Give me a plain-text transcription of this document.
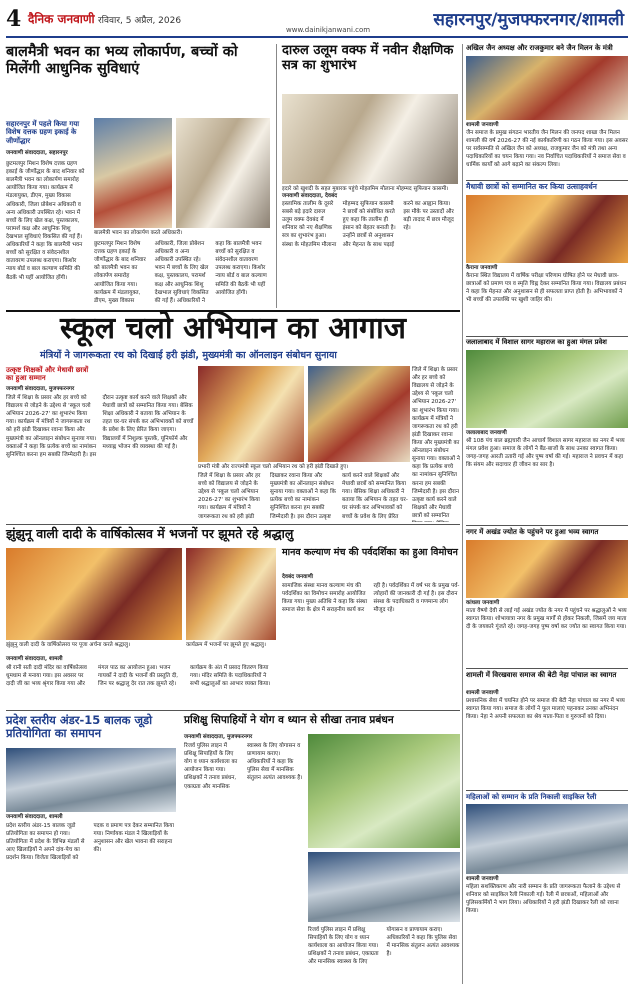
4 दैनिक जनवाणी रविवार, 5 अप्रैल, 2026
www.dainikjanwani.com	सहारनपुर/मुजफ्फरनगर/शामली
बालमैत्री भवन का भव्य लोकार्पण, बच्चों को मिलेंगी आधुनिक सुविधाएं
सहारनपुर में पहले किया गया विशेष दत्तक ग्रहण इकाई के जीर्णोद्धार
जनवाणी संवाददाता, सहारनपुर
छुटमलपुर मिशन विशेष दत्तक ग्रहण इकाई के जीर्णोद्धार के बाद शनिवार को बालमैत्री भवन का लोकार्पण समारोह आयोजित किया गया। कार्यक्रम में मंडलायुक्त, डीएम, मुख्य विकास अधिकारी, जिला प्रोबेशन अधिकारी व अन्य अधिकारी उपस्थित रहे। भवन में बच्चों के लिए खेल कक्ष, पुस्तकालय, परामर्श कक्ष और आधुनिक शिशु देखभाल सुविधाएं विकसित की गई हैं। अधिकारियों ने कहा कि बालमैत्री भवन बच्चों को सुरक्षित व संवेदनशील वातावरण उपलब्ध कराएगा। किशोर न्याय बोर्ड व बाल कल्याण समिति की बैठकें भी यहीं आयोजित होंगी।
बालमैत्री भवन का लोकार्पण करते अधिकारी।
छुटमलपुर मिशन विशेष दत्तक ग्रहण इकाई के जीर्णोद्धार के बाद शनिवार को बालमैत्री भवन का लोकार्पण समारोह आयोजित किया गया। कार्यक्रम में मंडलायुक्त, डीएम, मुख्य विकास अधिकारी, जिला प्रोबेशन अधिकारी व अन्य अधिकारी उपस्थित रहे। भवन में बच्चों के लिए खेल कक्ष, पुस्तकालय, परामर्श कक्ष और आधुनिक शिशु देखभाल सुविधाएं विकसित की गई हैं। अधिकारियों ने कहा कि बालमैत्री भवन बच्चों को सुरक्षित व संवेदनशील वातावरण उपलब्ध कराएगा। किशोर न्याय बोर्ड व बाल कल्याण समिति की बैठकें भी यहीं आयोजित होंगी।
दारुल उलूम वक्फ में नवीन शैक्षणिक सत्र का शुभारंभ
इदारे को खुशदी के सहत मुबारक पहुंचे मोहतमिम मौलाना मोहम्मद सुफियान कासमी।
जनवाणी संवाददाता, देवबंद
इस्लामिक तालीम के दूसरे सबसे बड़े इदारे दारुल उलूम वक्फ देवबंद में शनिवार को नए शैक्षणिक सत्र का शुभारंभ हुआ। संस्था के मोहतमिम मौलाना मोहम्मद सुफियान कासमी ने छात्रों को संबोधित करते हुए कहा कि तालीम ही इंसान को बेहतर बनाती है। उन्होंने छात्रों से अनुशासन और मेहनत के साथ पढ़ाई करने का आह्वान किया। इस मौके पर उस्तादों और बड़ी तादाद में छात्र मौजूद रहे।
अखिल जैन अध्यक्ष और राजकुमार बने जैन मिलन के मंत्री
शामली जनवाणी
जैन समाज के प्रमुख संगठन भारतीय जैन मिलन की जनपद शाखा जैन मिलन शामली की वर्ष 2026-27 की नई कार्यकारिणी का गठन किया गया। इस अवसर पर सर्वसम्मति से अखिल जैन को अध्यक्ष, राजकुमार जैन को मंत्री तथा अन्य पदाधिकारियों का चयन किया गया। नव निर्वाचित पदाधिकारियों ने समाज सेवा व धार्मिक कार्यों को आगे बढ़ाने का संकल्प लिया।
मैधावी छात्रों को सम्मानित कर किया उत्साहवर्धन
कैराना जनवाणी
कैराना स्थित विद्यालय में वार्षिक परीक्षा परिणाम घोषित होने पर मेधावी छात्र-छात्राओं को प्रमाण पत्र व स्मृति चिह्न देकर सम्मानित किया गया। विद्यालय प्रबंधन ने कहा कि मेहनत और अनुशासन से ही सफलता प्राप्त होती है। अभिभावकों ने भी बच्चों की उपलब्धि पर खुशी जाहिर की।
स्कूल चलो अभियान का आगाज
मंत्रियों ने जागरूकता रथ को दिखाई हरी झंडी, मुख्यमंत्री का ऑनलाइन संबोधन सुनाया
उत्कृष्ट शिक्षकों और मेधावी छात्रों का हुआ सम्मान
जनवाणी संवाददाता, मुजफ्फरनगर
जिले में शिक्षा के प्रसार और हर बच्चे को विद्यालय से जोड़ने के उद्देश्य से 'स्कूल चलो अभियान 2026-27' का शुभारंभ किया गया। कार्यक्रम में मंत्रियों ने जागरूकता रथ को हरी झंडी दिखाकर रवाना किया और मुख्यमंत्री का ऑनलाइन संबोधन सुनाया गया। वक्ताओं ने कहा कि प्रत्येक बच्चे का नामांकन सुनिश्चित करना हम सबकी जिम्मेदारी है। इस दौरान उत्कृष्ट कार्य करने वाले शिक्षकों और मेधावी छात्रों को सम्मानित किया गया। बेसिक शिक्षा अधिकारी ने बताया कि अभियान के तहत घर-घर संपर्क कर अभिभावकों को बच्चों के प्रवेश के लिए प्रेरित किया जाएगा। विद्यालयों में निशुल्क पुस्तकें, यूनिफॉर्म और मध्याह्न भोजन की व्यवस्था की गई है।
जिले में शिक्षा के प्रसार और हर बच्चे को विद्यालय से जोड़ने के उद्देश्य से 'स्कूल चलो अभियान 2026-27' का शुभारंभ किया गया। कार्यक्रम में मंत्रियों ने जागरूकता रथ को हरी झंडी दिखाकर रवाना किया और मुख्यमंत्री का ऑनलाइन संबोधन सुनाया गया। वक्ताओं ने कहा कि प्रत्येक बच्चे का नामांकन सुनिश्चित करना हम सबकी जिम्मेदारी है। इस दौरान उत्कृष्ट कार्य करने वाले शिक्षकों और मेधावी छात्रों को सम्मानित
प्रभारी मंत्री और राज्यमंत्री स्कूल चलो अभियान रथ को हरी झंडी दिखाते हुए।
जिले में शिक्षा के प्रसार और हर बच्चे को विद्यालय से जोड़ने के उद्देश्य से 'स्कूल चलो अभियान 2026-27' का शुभारंभ किया गया। कार्यक्रम में मंत्रियों ने जागरूकता रथ को हरी झंडी दिखाकर रवाना किया और मुख्यमंत्री का ऑनलाइन संबोधन सुनाया गया। वक्ताओं ने कहा कि प्रत्येक बच्चे का नामांकन सुनिश्चित करना हम सबकी जिम्मेदारी है। इस दौरान उत्कृष्ट कार्य करने वाले शिक्षकों और मेधावी छात्रों को सम्मानित किया गया। बेसिक शिक्षा अधिकारी ने बताया कि अभियान के तहत घर-घर संपर्क कर अभिभावकों को बच्चों के प्रवेश के लिए प्रेरित
जलालाबाद में विशाल सागर महाराज का हुआ मंगल प्रवेश
जलालाबाद जनवाणी
श्री 108 पंच बाल ब्रह्मचारी जैन आचार्य विशाल सागर महाराज का नगर में भव्य मंगल प्रवेश हुआ। समाज के लोगों ने बैंड-बाजों के साथ उनका स्वागत किया। जगह-जगह आरती उतारी गई और पुष्प वर्षा की गई। महाराज ने प्रवचन में कहा कि संयम और सदाचार ही जीवन का सार है।
झुंझुनू वाली दादी के वार्षिकोत्सव में भजनों पर झूमते रहे श्रद्धालु
झुंझुनू वाली दादी के वार्षिकोत्सव पर पूजा अर्चना करते श्रद्धालु।	कार्यक्रम में भजनों पर झूमते हुए श्रद्धालु।
जनवाणी संवाददाता, शामली
श्री रानी सती दादी मंदिर का वार्षिकोत्सव धूमधाम से मनाया गया। इस अवसर पर दादी जी का भव्य श्रृंगार किया गया और मंगल पाठ का आयोजन हुआ। भजन गायकों ने दादी के भजनों की प्रस्तुति दी, जिन पर श्रद्धालु देर रात तक झूमते रहे। कार्यक्रम के अंत में प्रसाद वितरण किया गया। मंदिर समिति के पदाधिकारियों ने सभी श्रद्धालुओं का आभार व्यक्त किया।
मानव कल्याण मंच की पर्वदर्शिका का हुआ विमोचन
देवबंद जनवाणी
सामाजिक संस्था मानव कल्याण मंच की पर्वदर्शिका का विमोचन समारोह आयोजित किया गया। मुख्य अतिथि ने कहा कि संस्था समाज सेवा के क्षेत्र में सराहनीय कार्य कर रही है। पर्वदर्शिका में वर्ष भर के प्रमुख पर्व-त्योहारों की जानकारी दी गई है। इस दौरान संस्था के पदाधिकारी व गणमान्य लोग मौजूद रहे।
नगर में अखंड ज्योत के पहुंचने पर हुआ भव्य स्वागत
कांधला जनवाणी
माता वैष्णो देवी से लाई गई अखंड ज्योत के नगर में पहुंचने पर श्रद्धालुओं ने भव्य स्वागत किया। शोभायात्रा नगर के प्रमुख मार्गों से होकर निकली, जिसमें जय माता दी के जयकारे गूंजते रहे। जगह-जगह पुष्प वर्षा कर ज्योत का स्वागत किया गया।
शामली में विरखवास समाज की बेटी नेहा पांचाल का स्वागत
शामली जनवाणी
प्रशासनिक सेवा में चयनित होने पर समाज की बेटी नेहा पांचाल का नगर में भव्य स्वागत किया गया। समाज के लोगों ने फूल मालाएं पहनाकर उनका अभिनंदन किया। नेहा ने अपनी सफलता का श्रेय माता-पिता व गुरुजनों को दिया।
महिलाओं को सम्मान के प्रति निकाली साइकिल रैली
शामली जनवाणी
महिला सशक्तिकरण और नारी सम्मान के प्रति जागरूकता फैलाने के उद्देश्य से शनिवार को साइकिल रैली निकाली गई। रैली में छात्राओं, महिलाओं और पुलिसकर्मियों ने भाग लिया। अधिकारियों ने हरी झंडी दिखाकर रैली को रवाना किया।
प्रदेश स्तरीय अंडर-15 बालक जूडो प्रतियोगिता का समापन
जनवाणी संवाददाता, शामली
प्रदेश स्तरीय अंडर-15 बालक जूडो प्रतियोगिता का समापन हो गया। प्रतियोगिता में प्रदेश के विभिन्न मंडलों से आए खिलाड़ियों ने अपने दांव-पेच का प्रदर्शन किया। विजेता खिलाड़ियों को पदक व प्रमाण पत्र देकर सम्मानित किया गया। निर्णायक मंडल ने खिलाड़ियों के अनुशासन और खेल भावना की सराहना की।
प्रशिक्षु सिपाहियों ने योग व ध्यान से सीखा तनाव प्रबंधन
जनवाणी संवाददाता, मुजफ्फरनगर
रिजर्व पुलिस लाइन में प्रशिक्षु सिपाहियों के लिए योग व ध्यान कार्यशाला का आयोजन किया गया। प्रशिक्षकों ने तनाव प्रबंधन, एकाग्रता और मानसिक स्वास्थ्य के लिए योगासन व प्राणायाम कराए। अधिकारियों ने कहा कि पुलिस सेवा में मानसिक संतुलन अत्यंत आवश्यक है।
रिजर्व पुलिस लाइन में प्रशिक्षु सिपाहियों के लिए योग व ध्यान कार्यशाला का आयोजन किया गया। प्रशिक्षकों ने तनाव प्रबंधन, एकाग्रता और मानसिक स्वास्थ्य के लिए योगासन व प्राणायाम कराए। अधिकारियों ने कहा कि पुलिस सेवा में मानसिक संतुलन अत्यंत आवश्यक है।
